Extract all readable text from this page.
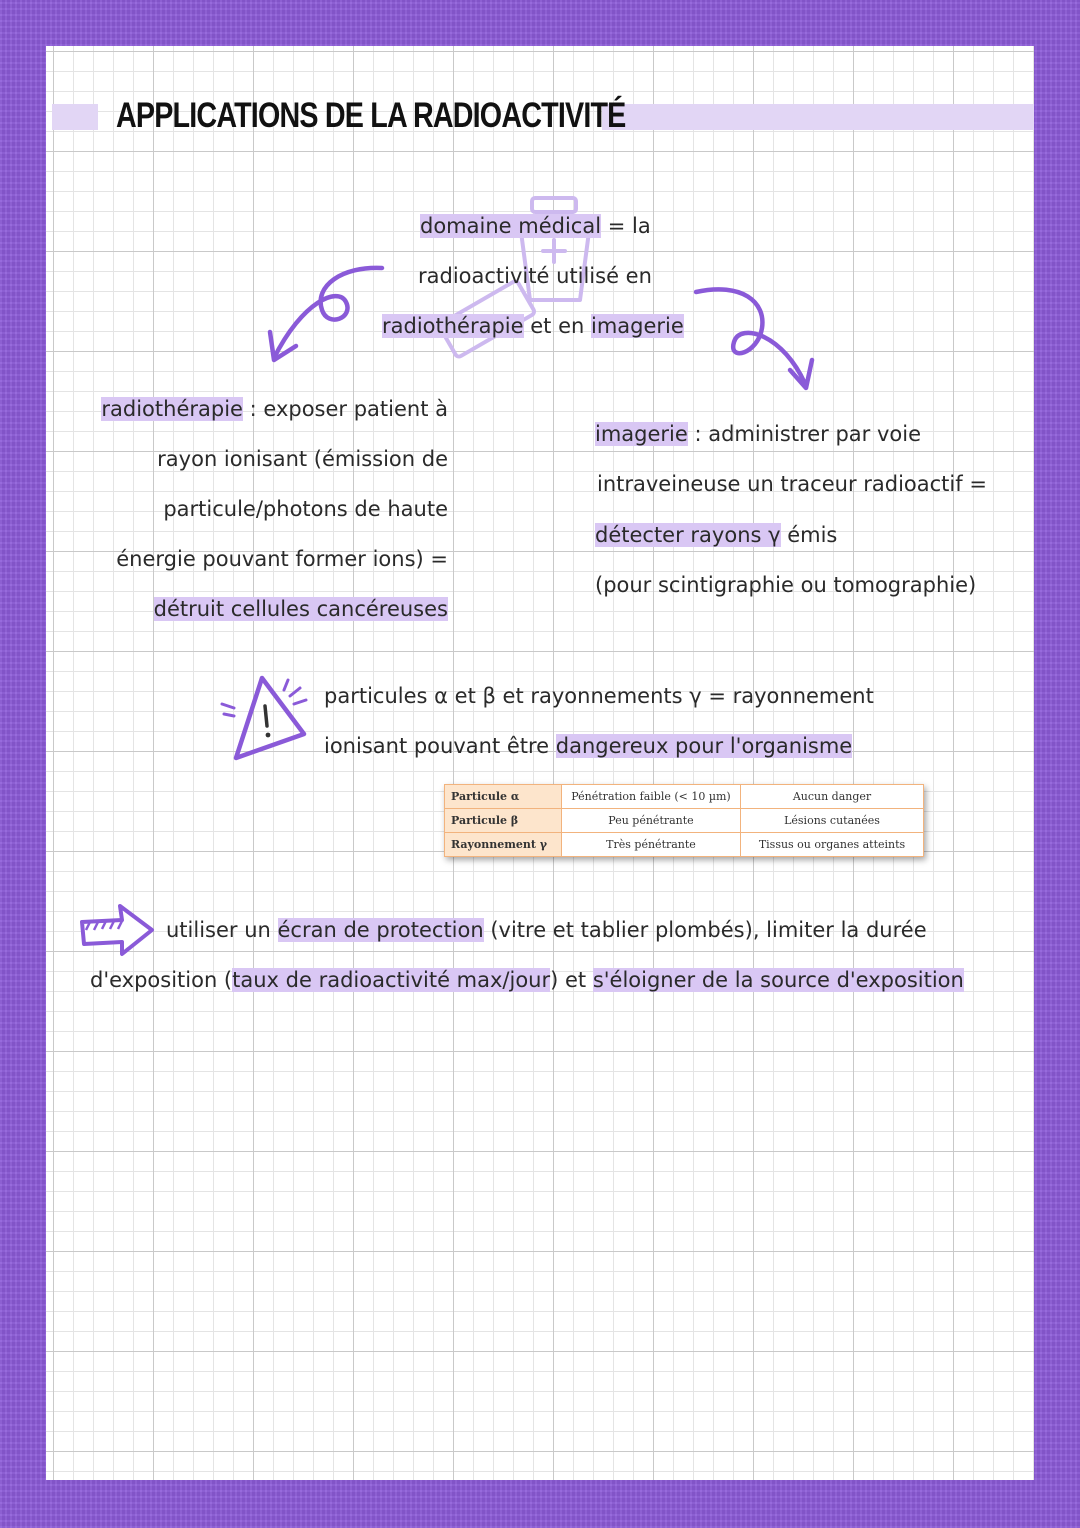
APPLICATIONS DE LA RADIOACTIVITÉ
domaine médical = la
radioactivité utilisé en
radiothérapie et en imagerie
radiothérapie : exposer patient à
rayon ionisant (émission de
particule/photons de haute
énergie pouvant former ions) =
détruit cellules cancéreuses
imagerie : administrer par voie
intraveineuse un traceur radioactif =
détecter rayons γ émis
(pour scintigraphie ou tomographie)
particules α et β et rayonnements γ = rayonnement
ionisant pouvant être dangereux pour l'organisme
Particule α	Pénétration faible (< 10 µm)	Aucun danger
Particule β	Peu pénétrante	Lésions cutanées
Rayonnement γ	Très pénétrante	Tissus ou organes atteints
utiliser un écran de protection (vitre et tablier plombés), limiter la durée
d'exposition (taux de radioactivité max/jour) et s'éloigner de la source d'exposition
